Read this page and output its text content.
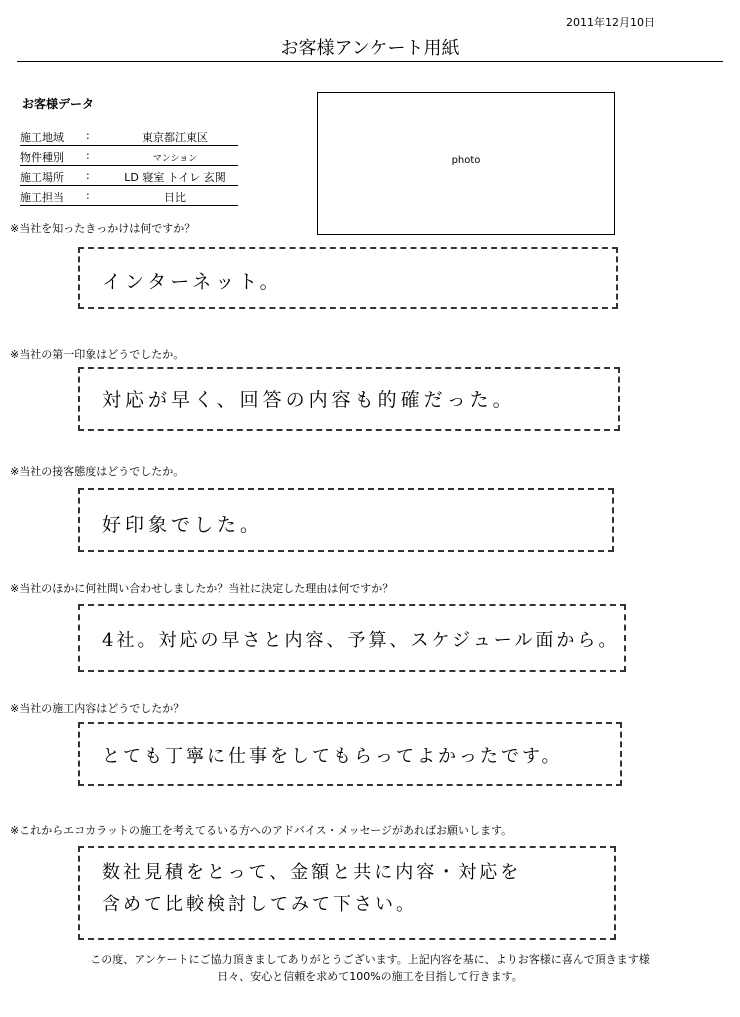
2011年12月10日
お客様アンケート用紙
お客様データ
施工地域 :	東京都江東区
物件種別 :	マンション
施工場所 :	LD 寝室 トイレ 玄関
施工担当 :	日比
photo
※当社を知ったきっかけは何ですか？
インターネット。
※当社の第一印象はどうでしたか。
対応が早く、回答の内容も的確だった。
※当社の接客態度はどうでしたか。
好印象でした。
※当社のほかに何社問い合わせしましたか？当社に決定した理由は何ですか？
4社。対応の早さと内容、予算、スケジュール面から。
※当社の施工内容はどうでしたか？
とても丁寧に仕事をしてもらってよかったです。
※これからエコカラットの施工を考えてるいる方へのアドバイス・メッセージがあればお願いします。
数社見積をとって、金額と共に内容・対応を
含めて比較検討してみて下さい。
この度、アンケートにご協力頂きましてありがとうございます。上記内容を基に、よりお客様に喜んで頂きます様
日々、安心と信頼を求めて100%の施工を目指して行きます。
